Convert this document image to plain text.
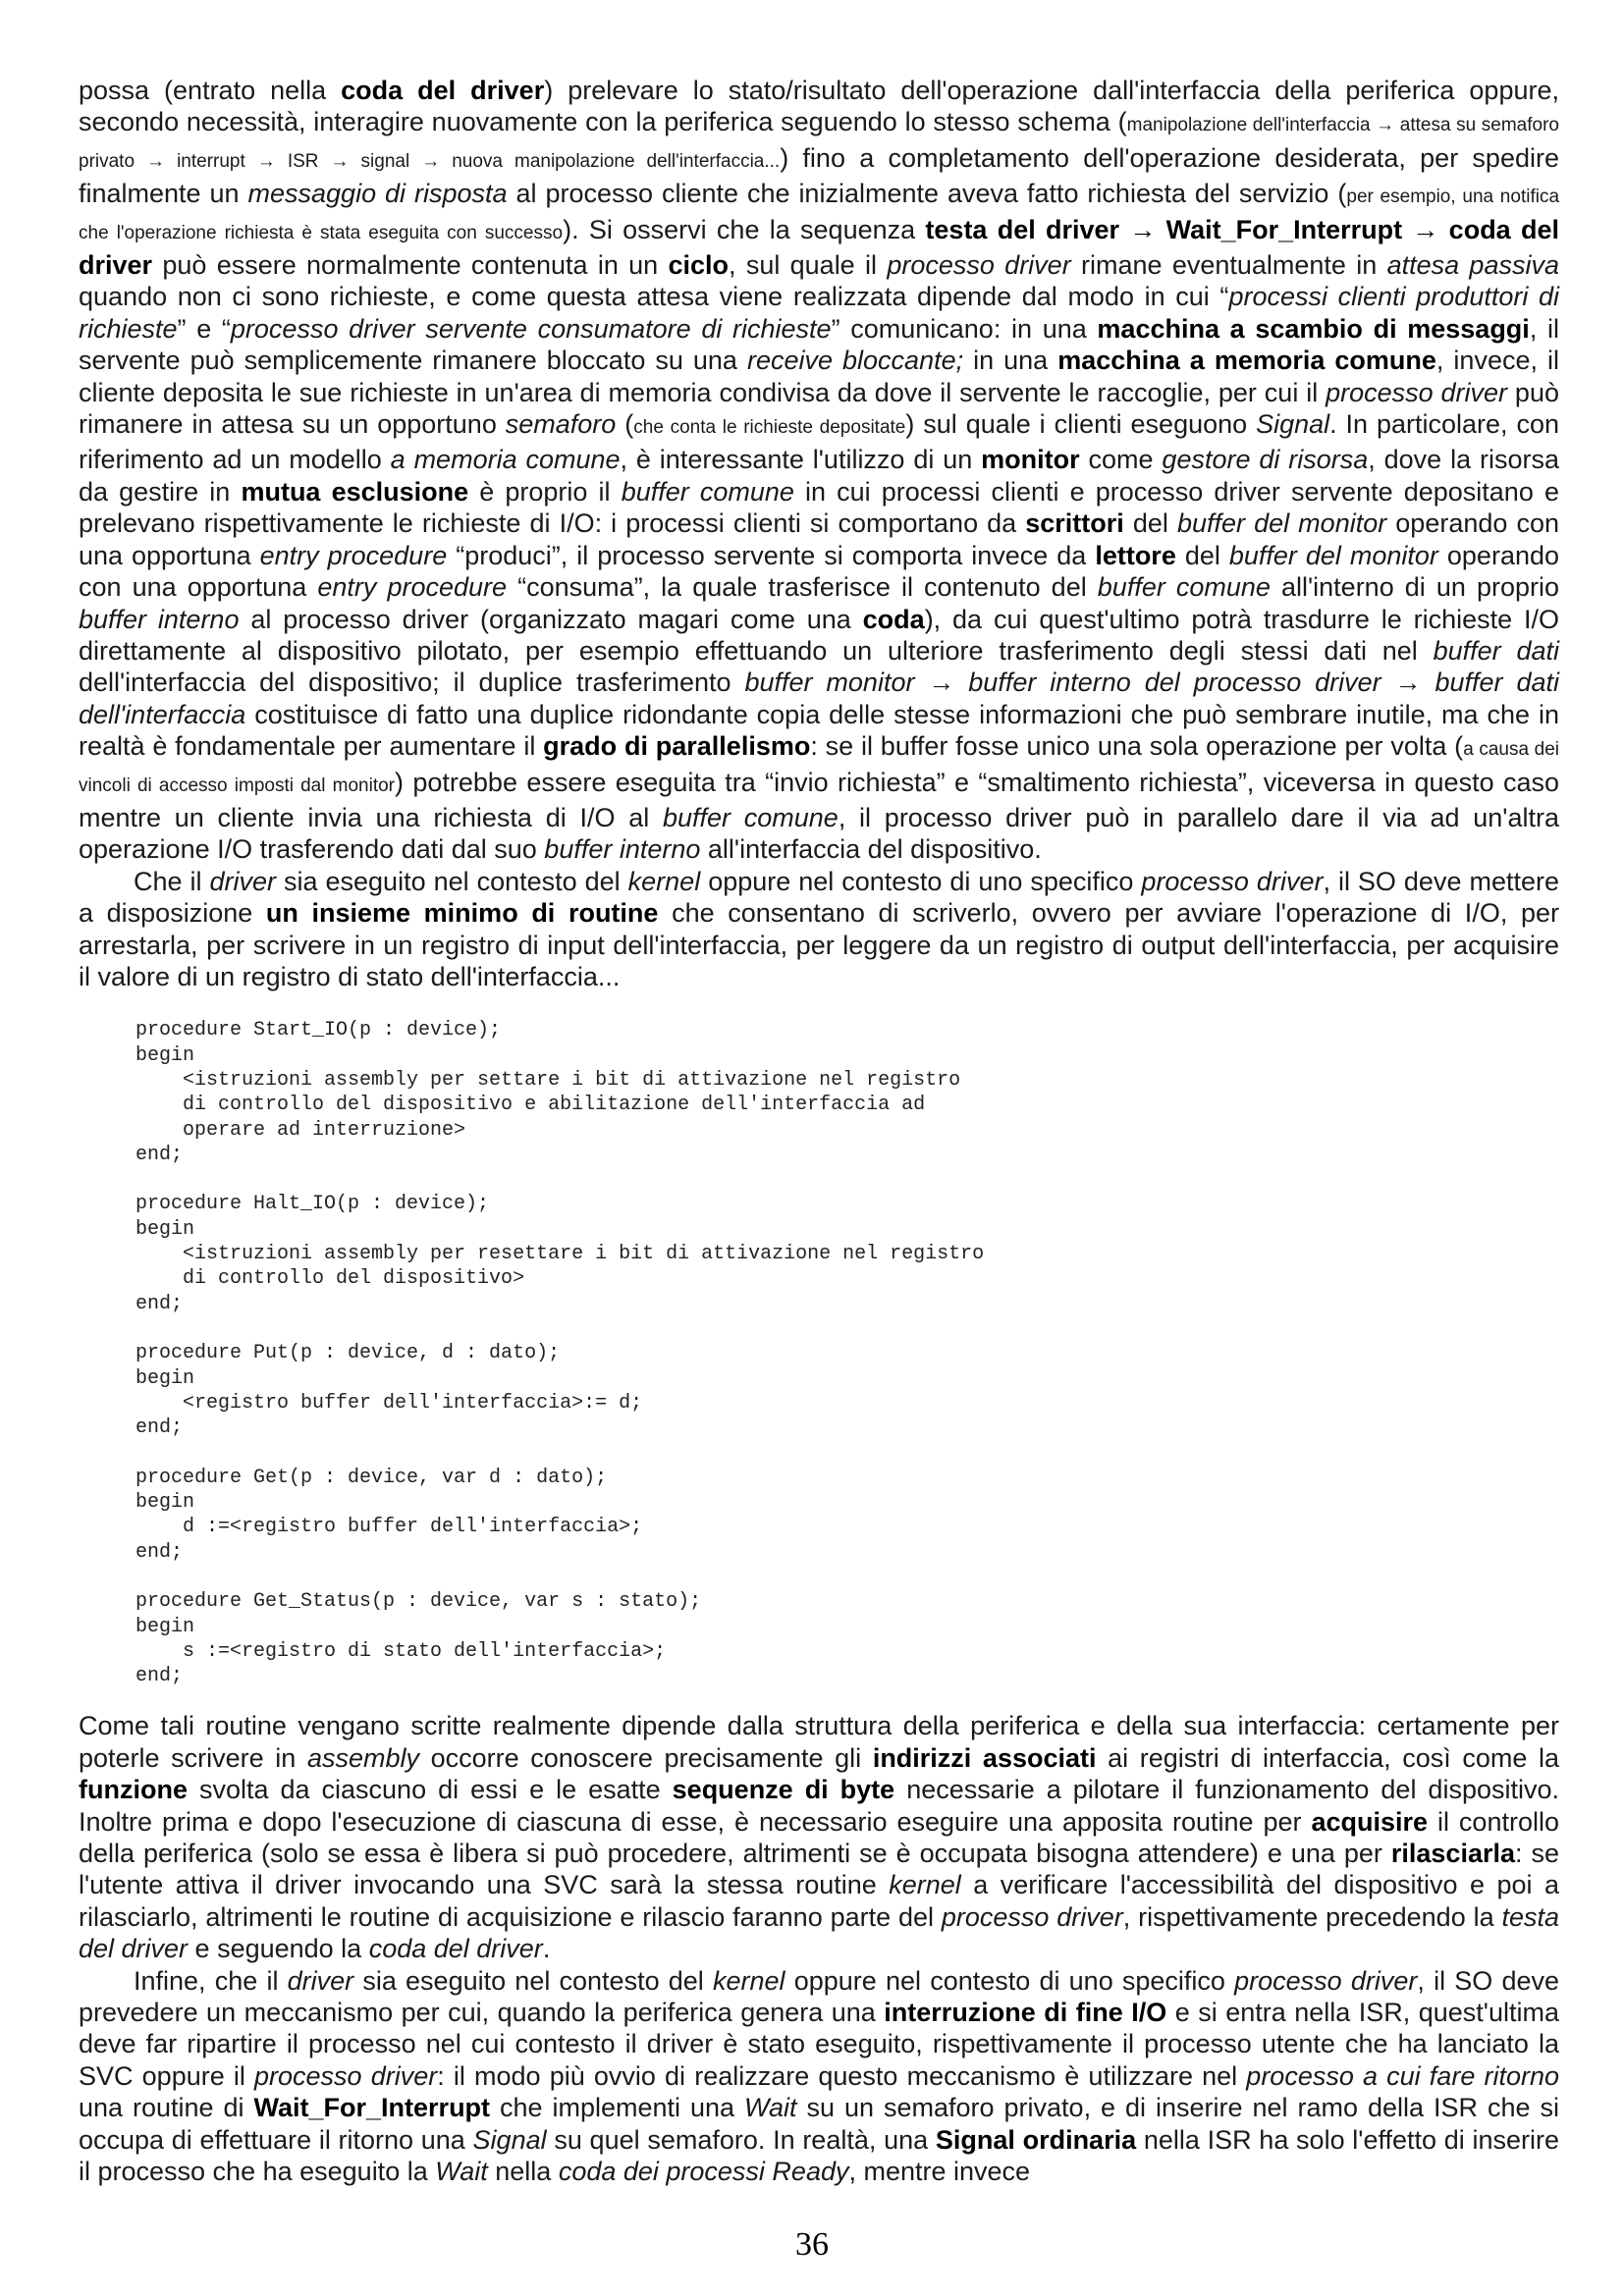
possa (entrato nella coda del driver) prelevare lo stato/risultato dell'operazione dall'interfaccia della periferica oppure, secondo necessità, interagire nuovamente con la periferica seguendo lo stesso schema (manipolazione dell'interfaccia → attesa su semaforo privato → interrupt → ISR → signal → nuova manipolazione dell'interfaccia...) fino a completamento dell'operazione desiderata, per spedire finalmente un messaggio di risposta al processo cliente che inizialmente aveva fatto richiesta del servizio (per esempio, una notifica che l'operazione richiesta è stata eseguita con successo). Si osservi che la sequenza testa del driver → Wait_For_Interrupt → coda del driver può essere normalmente contenuta in un ciclo, sul quale il processo driver rimane eventualmente in attesa passiva quando non ci sono richieste, e come questa attesa viene realizzata dipende dal modo in cui “processi clienti produttori di richieste” e “processo driver servente consumatore di richieste” comunicano: in una macchina a scambio di messaggi, il servente può semplicemente rimanere bloccato su una receive bloccante; in una macchina a memoria comune, invece, il cliente deposita le sue richieste in un'area di memoria condivisa da dove il servente le raccoglie, per cui il processo driver può rimanere in attesa su un opportuno semaforo (che conta le richieste depositate) sul quale i clienti eseguono Signal. In particolare, con riferimento ad un modello a memoria comune, è interessante l'utilizzo di un monitor come gestore di risorsa, dove la risorsa da gestire in mutua esclusione è proprio il buffer comune in cui processi clienti e processo driver servente depositano e prelevano rispettivamente le richieste di I/O: i processi clienti si comportano da scrittori del buffer del monitor operando con una opportuna entry procedure “produci”, il processo servente si comporta invece da lettore del buffer del monitor operando con una opportuna entry procedure “consuma”, la quale trasferisce il contenuto del buffer comune all'interno di un proprio buffer interno al processo driver (organizzato magari come una coda), da cui quest'ultimo potrà trasdurre le richieste I/O direttamente al dispositivo pilotato, per esempio effettuando un ulteriore trasferimento degli stessi dati nel buffer dati dell'interfaccia del dispositivo; il duplice trasferimento buffer monitor → buffer interno del processo driver → buffer dati dell'interfaccia costituisce di fatto una duplice ridondante copia delle stesse informazioni che può sembrare inutile, ma che in realtà è fondamentale per aumentare il grado di parallelismo: se il buffer fosse unico una sola operazione per volta (a causa dei vincoli di accesso imposti dal monitor) potrebbe essere eseguita tra “invio richiesta” e “smaltimento richiesta”, viceversa in questo caso mentre un cliente invia una richiesta di I/O al buffer comune, il processo driver può in parallelo dare il via ad un'altra operazione I/O trasferendo dati dal suo buffer interno all'interfaccia del dispositivo.

Che il driver sia eseguito nel contesto del kernel oppure nel contesto di uno specifico processo driver, il SO deve mettere a disposizione un insieme minimo di routine che consentano di scriverlo, ovvero per avviare l'operazione di I/O, per arrestarla, per scrivere in un registro di input dell'interfaccia, per leggere da un registro di output dell'interfaccia, per acquisire il valore di un registro di stato dell'interfaccia...

procedure Start_IO(p : device);
begin
<istruzioni assembly per settare i bit di attivazione nel registro
di controllo del dispositivo e abilitazione dell'interfaccia ad
operare ad interruzione>
end;

procedure Halt_IO(p : device);
begin
<istruzioni assembly per resettare i bit di attivazione nel registro
di controllo del dispositivo>
end;

procedure Put(p : device, d : dato);
begin
<registro buffer dell'interfaccia>:= d;
end;

procedure Get(p : device, var d : dato);
begin
d :=<registro buffer dell'interfaccia>;
end;

procedure Get_Status(p : device, var s : stato);
begin
s :=<registro di stato dell'interfaccia>;
end;

Come tali routine vengano scritte realmente dipende dalla struttura della periferica e della sua interfaccia: certamente per poterle scrivere in assembly occorre conoscere precisamente gli indirizzi associati ai registri di interfaccia, così come la funzione svolta da ciascuno di essi e le esatte sequenze di byte necessarie a pilotare il funzionamento del dispositivo. Inoltre prima e dopo l'esecuzione di ciascuna di esse, è necessario eseguire una apposita routine per acquisire il controllo della periferica (solo se essa è libera si può procedere, altrimenti se è occupata bisogna attendere) e una per rilasciarla: se l'utente attiva il driver invocando una SVC sarà la stessa routine kernel a verificare l'accessibilità del dispositivo e poi a rilasciarlo, altrimenti le routine di acquisizione e rilascio faranno parte del processo driver, rispettivamente precedendo la testa del driver e seguendo la coda del driver.

Infine, che il driver sia eseguito nel contesto del kernel oppure nel contesto di uno specifico processo driver, il SO deve prevedere un meccanismo per cui, quando la periferica genera una interruzione di fine I/O e si entra nella ISR, quest'ultima deve far ripartire il processo nel cui contesto il driver è stato eseguito, rispettivamente il processo utente che ha lanciato la SVC oppure il processo driver: il modo più ovvio di realizzare questo meccanismo è utilizzare nel processo a cui fare ritorno una routine di Wait_For_Interrupt che implementi una Wait su un semaforo privato, e di inserire nel ramo della ISR che si occupa di effettuare il ritorno una Signal su quel semaforo. In realtà, una Signal ordinaria nella ISR ha solo l'effetto di inserire il processo che ha eseguito la Wait nella coda dei processi Ready, mentre invece

36
